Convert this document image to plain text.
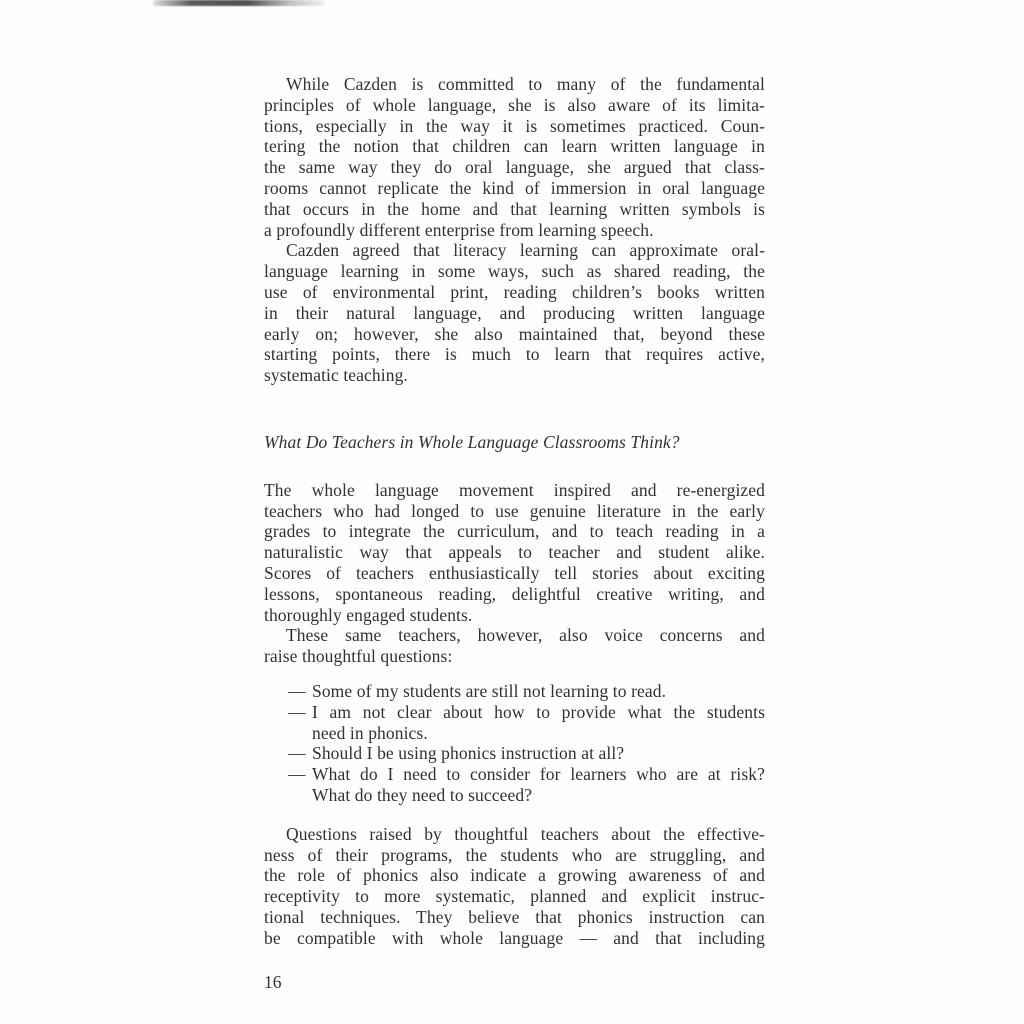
While Cazden is committed to many of the fundamental
principles of whole language, she is also aware of its limita-
tions, especially in the way it is sometimes practiced. Coun-
tering the notion that children can learn written language in
the same way they do oral language, she argued that class-
rooms cannot replicate the kind of immersion in oral language
that occurs in the home and that learning written symbols is
a profoundly different enterprise from learning speech.
Cazden agreed that literacy learning can approximate oral-
language learning in some ways, such as shared reading, the
use of environmental print, reading children’s books written
in their natural language, and producing written language
early on; however, she also maintained that, beyond these
starting points, there is much to learn that requires active,
systematic teaching.
What Do Teachers in Whole Language Classrooms Think?
The whole language movement inspired and re-energized
teachers who had longed to use genuine literature in the early
grades to integrate the curriculum, and to teach reading in a
naturalistic way that appeals to teacher and student alike.
Scores of teachers enthusiastically tell stories about exciting
lessons, spontaneous reading, delightful creative writing, and
thoroughly engaged students.
These same teachers, however, also voice concerns and
raise thoughtful questions:
— Some of my students are still not learning to read.
— I am not clear about how to provide what the students
need in phonics.
— Should I be using phonics instruction at all?
— What do I need to consider for learners who are at risk?
What do they need to succeed?
Questions raised by thoughtful teachers about the effective-
ness of their programs, the students who are struggling, and
the role of phonics also indicate a growing awareness of and
receptivity to more systematic, planned and explicit instruc-
tional techniques. They believe that phonics instruction can
be compatible with whole language — and that including
16
